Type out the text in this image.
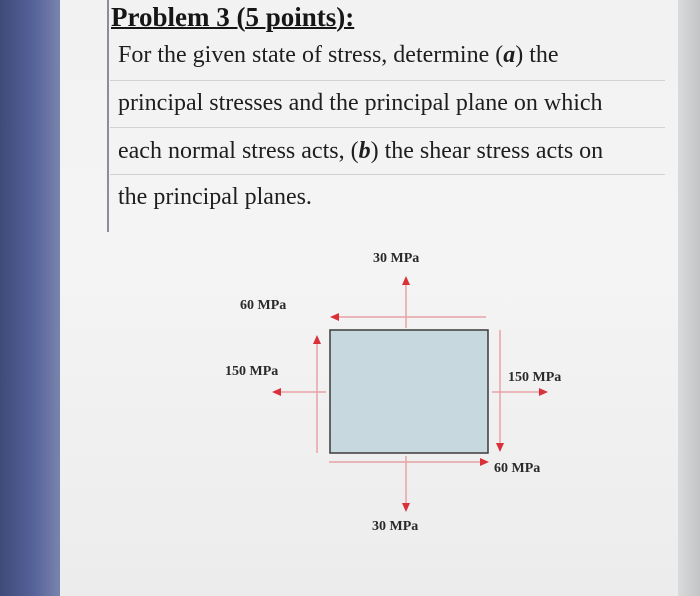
Problem 3 (5 points):

For the given state of stress, determine (a) the

principal stresses and the principal plane on which

each normal stress acts, (b) the shear stress acts on

the principal planes.

30 MPa
30 MPa
60 MPa
60 MPa
150 MPa	150 MPa
